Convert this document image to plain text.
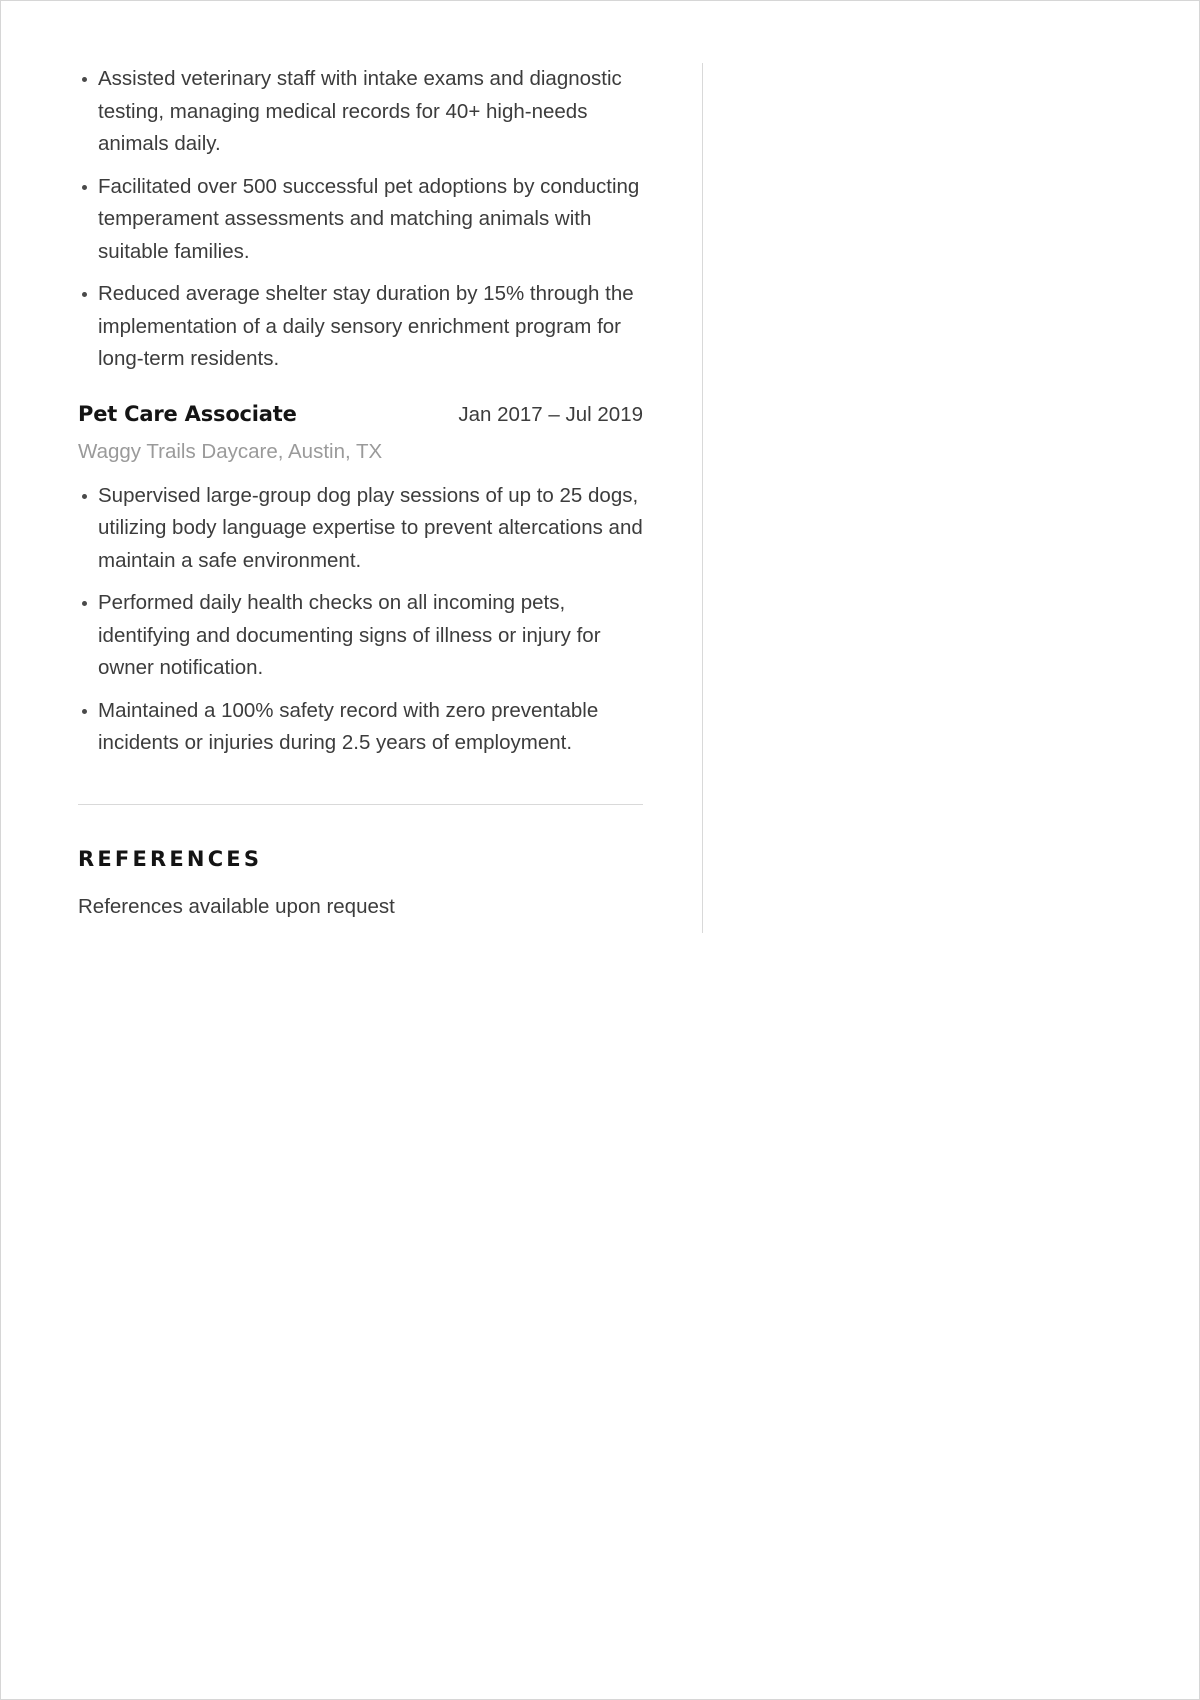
Assisted veterinary staff with intake exams and diagnostic testing, managing medical records for 40+ high-needs animals daily.
Facilitated over 500 successful pet adoptions by conducting temperament assessments and matching animals with suitable families.
Reduced average shelter stay duration by 15% through the implementation of a daily sensory enrichment program for long-term residents.
Pet Care Associate	Jan 2017 – Jul 2019
Waggy Trails Daycare, Austin, TX
Supervised large-group dog play sessions of up to 25 dogs, utilizing body language expertise to prevent altercations and maintain a safe environment.
Performed daily health checks on all incoming pets, identifying and documenting signs of illness or injury for owner notification.
Maintained a 100% safety record with zero preventable incidents or injuries during 2.5 years of employment.
REFERENCES
References available upon request
